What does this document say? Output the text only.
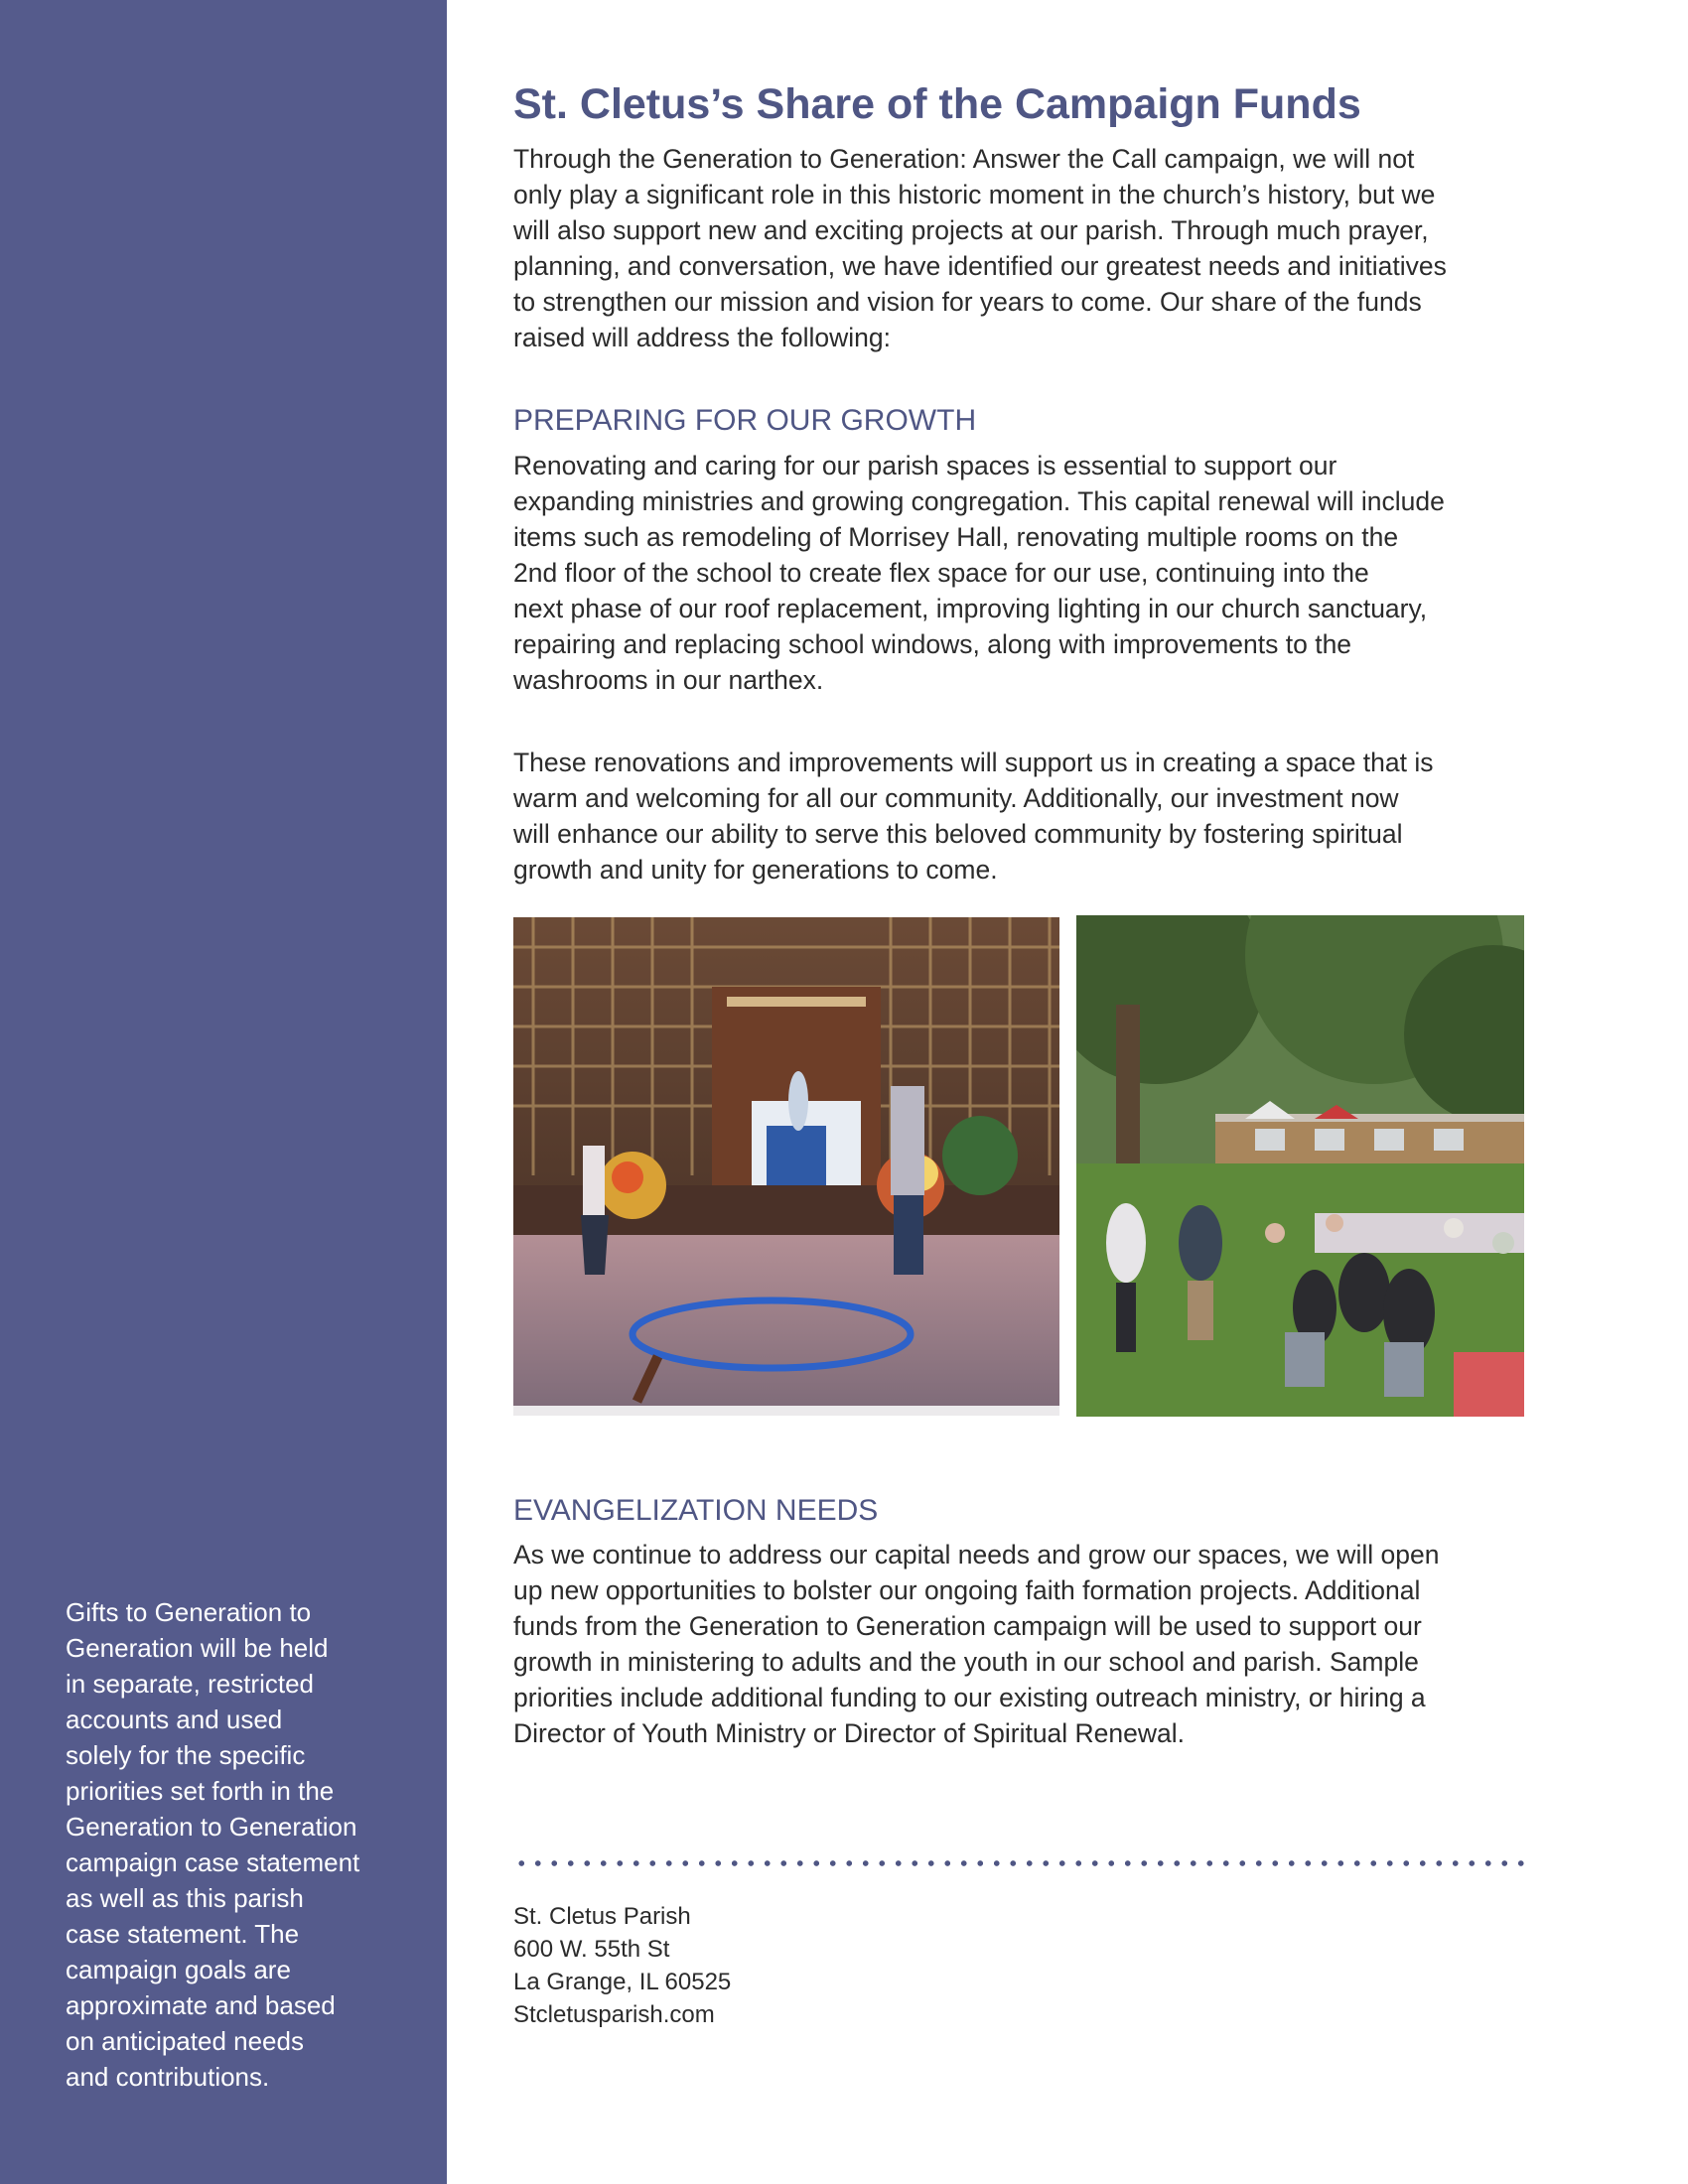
Gifts to Generation to
Generation will be held
in separate, restricted
accounts and used
solely for the specific
priorities set forth in the
Generation to Generation
campaign case statement
as well as this parish
case statement. The
campaign goals are
approximate and based
on anticipated needs
and contributions.
St. Cletus’s Share of the Campaign Funds
Through the Generation to Generation: Answer the Call campaign, we will not
only play a significant role in this historic moment in the church’s history, but we
will also support new and exciting projects at our parish. Through much prayer,
planning, and conversation, we have identified our greatest needs and initiatives
to strengthen our mission and vision for years to come. Our share of the funds
raised will address the following:
PREPARING FOR OUR GROWTH
Renovating and caring for our parish spaces is essential to support our
expanding ministries and growing congregation. This capital renewal will include
items such as remodeling of Morrisey Hall, renovating multiple rooms on the
2nd floor of the school to create flex space for our use, continuing into the
next phase of our roof replacement, improving lighting in our church sanctuary,
repairing and replacing school windows, along with improvements to the
washrooms in our narthex.
These renovations and improvements will support us in creating a space that is
warm and welcoming for all our community. Additionally, our investment now
will enhance our ability to serve this beloved community by fostering spiritual
growth and unity for generations to come.
EVANGELIZATION NEEDS
As we continue to address our capital needs and grow our spaces, we will open
up new opportunities to bolster our ongoing faith formation projects. Additional
funds from the Generation to Generation campaign will be used to support our
growth in ministering to adults and the youth in our school and parish. Sample
priorities include additional funding to our existing outreach ministry, or hiring a
Director of Youth Ministry or Director of Spiritual Renewal.
St. Cletus Parish
600 W. 55th St
La Grange, IL 60525
Stcletusparish.com
